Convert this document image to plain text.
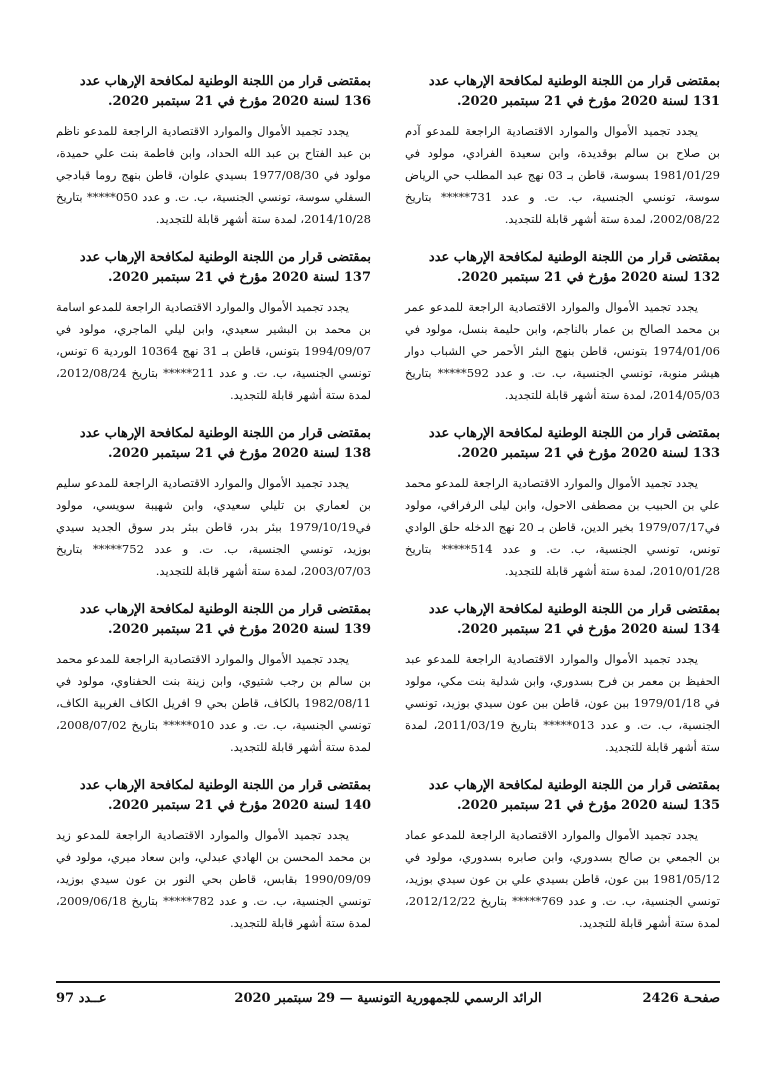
بمقتضى قرار من اللجنة الوطنية لمكافحة الإرهاب عدد 131 لسنة 2020 مؤرخ في 21 سبتمبر 2020.
يجدد تجميد الأموال والموارد الاقتصادية الراجعة للمدعو آدم بن صلاح بن سالم بوقديدة، وابن سعيدة الفرادي، مولود في 1981/01/29 بسوسة، قاطن بـ 03 نهج عبد المطلب حي الرياض سوسة، تونسي الجنسية، ب. ت. و عدد 731***** بتاريخ 2002/08/22، لمدة ستة أشهر قابلة للتجديد.
بمقتضى قرار من اللجنة الوطنية لمكافحة الإرهاب عدد 132 لسنة 2020 مؤرخ في 21 سبتمبر 2020.
يجدد تجميد الأموال والموارد الاقتصادية الراجعة للمدعو عمر بن محمد الصالح بن عمار بالناجم، وابن حليمة بنسل، مولود في 1974/01/06 بتونس، قاطن بنهج البئر الأحمر حي الشباب دوار هيشر منوبة، تونسي الجنسية، ب. ت. و عدد 592***** بتاريخ 2014/05/03، لمدة ستة أشهر قابلة للتجديد.
بمقتضى قرار من اللجنة الوطنية لمكافحة الإرهاب عدد 133 لسنة 2020 مؤرخ في 21 سبتمبر 2020.
يجدد تجميد الأموال والموارد الاقتصادية الراجعة للمدعو محمد علي بن الحبيب بن مصطفى الاحول، وابن ليلى الرفرافي، مولود في1979/07/17 بخير الدين، قاطن بـ 20 نهج الدخله حلق الوادي تونس، تونسي الجنسية، ب. ت. و عدد 514***** بتاريخ 2010/01/28، لمدة ستة أشهر قابلة للتجديد.
بمقتضى قرار من اللجنة الوطنية لمكافحة الإرهاب عدد 134 لسنة 2020 مؤرخ في 21 سبتمبر 2020.
يجدد تجميد الأموال والموارد الاقتصادية الراجعة للمدعو عبد الحفيظ بن معمر بن فرح بسدوري، وابن شدلية بنت مكي، مولود في 1979/01/18 ببن عون، قاطن ببن عون سيدي بوزيد، تونسي الجنسية، ب. ت. و عدد 013***** بتاريخ 2011/03/19، لمدة ستة أشهر قابلة للتجديد.
بمقتضى قرار من اللجنة الوطنية لمكافحة الإرهاب عدد 135 لسنة 2020 مؤرخ في 21 سبتمبر 2020.
يجدد تجميد الأموال والموارد الاقتصادية الراجعة للمدعو عماد بن الجمعي بن صالح بسدوري، وابن صابره بسدوري، مولود في 1981/05/12 ببن عون، قاطن بسيدي علي بن عون سيدي بوزيد، تونسي الجنسية، ب. ت. و عدد 769***** بتاريخ 2012/12/22، لمدة ستة أشهر قابلة للتجديد.
بمقتضى قرار من اللجنة الوطنية لمكافحة الإرهاب عدد 136 لسنة 2020 مؤرخ في 21 سبتمبر 2020.
يجدد تجميد الأموال والموارد الاقتصادية الراجعة للمدعو ناظم بن عبد الفتاح بن عبد الله الحداد، وابن فاطمة بنت علي حميدة، مولود في 1977/08/30 بسيدي علوان، قاطن بنهج روما قبادجي السفلي سوسة، تونسي الجنسية، ب. ت. و عدد 050***** بتاريخ 2014/10/28، لمدة ستة أشهر قابلة للتجديد.
بمقتضى قرار من اللجنة الوطنية لمكافحة الإرهاب عدد 137 لسنة 2020 مؤرخ في 21 سبتمبر 2020.
يجدد تجميد الأموال والموارد الاقتصادية الراجعة للمدعو اسامة بن محمد بن البشير سعيدي، وابن ليلي الماجري، مولود في 1994/09/07 بتونس، قاطن بـ 31 نهج 10364 الوردية 6 تونس، تونسي الجنسية، ب. ت. و عدد 211***** بتاريخ 2012/08/24، لمدة ستة أشهر قابلة للتجديد.
بمقتضى قرار من اللجنة الوطنية لمكافحة الإرهاب عدد 138 لسنة 2020 مؤرخ في 21 سبتمبر 2020.
يجدد تجميد الأموال والموارد الاقتصادية الراجعة للمدعو سليم بن لعماري بن تليلي سعيدي، وابن شهيبة سويسي، مولود في1979/10/19 ببئر بدر، قاطن ببئر بدر سوق الجديد سيدي بوزيد، تونسي الجنسية، ب. ت. و عدد 752***** بتاريخ 2003/07/03، لمدة ستة أشهر قابلة للتجديد.
بمقتضى قرار من اللجنة الوطنية لمكافحة الإرهاب عدد 139 لسنة 2020 مؤرخ في 21 سبتمبر 2020.
يجدد تجميد الأموال والموارد الاقتصادية الراجعة للمدعو محمد بن سالم بن رجب شتيوي، وابن زينة بنت الحفناوي، مولود في 1982/08/11 بالكاف، قاطن بحي 9 افريل الكاف الغربية الكاف، تونسي الجنسية، ب. ت. و عدد 010***** بتاريخ 2008/07/02، لمدة ستة أشهر قابلة للتجديد.
بمقتضى قرار من اللجنة الوطنية لمكافحة الإرهاب عدد 140 لسنة 2020 مؤرخ في 21 سبتمبر 2020.
يجدد تجميد الأموال والموارد الاقتصادية الراجعة للمدعو زيد بن محمد المحسن بن الهادي عبدلي، وابن سعاد ميري، مولود في 1990/09/09 بقابس، قاطن بحي النور بن عون سيدي بوزيد، تونسي الجنسية، ب. ت. و عدد 782***** بتاريخ 2009/06/18، لمدة ستة أشهر قابلة للتجديد.
صفحـة 2426
الرائد الرسمي للجمهورية التونسية — 29 سبتمبر 2020
عــدد 97
